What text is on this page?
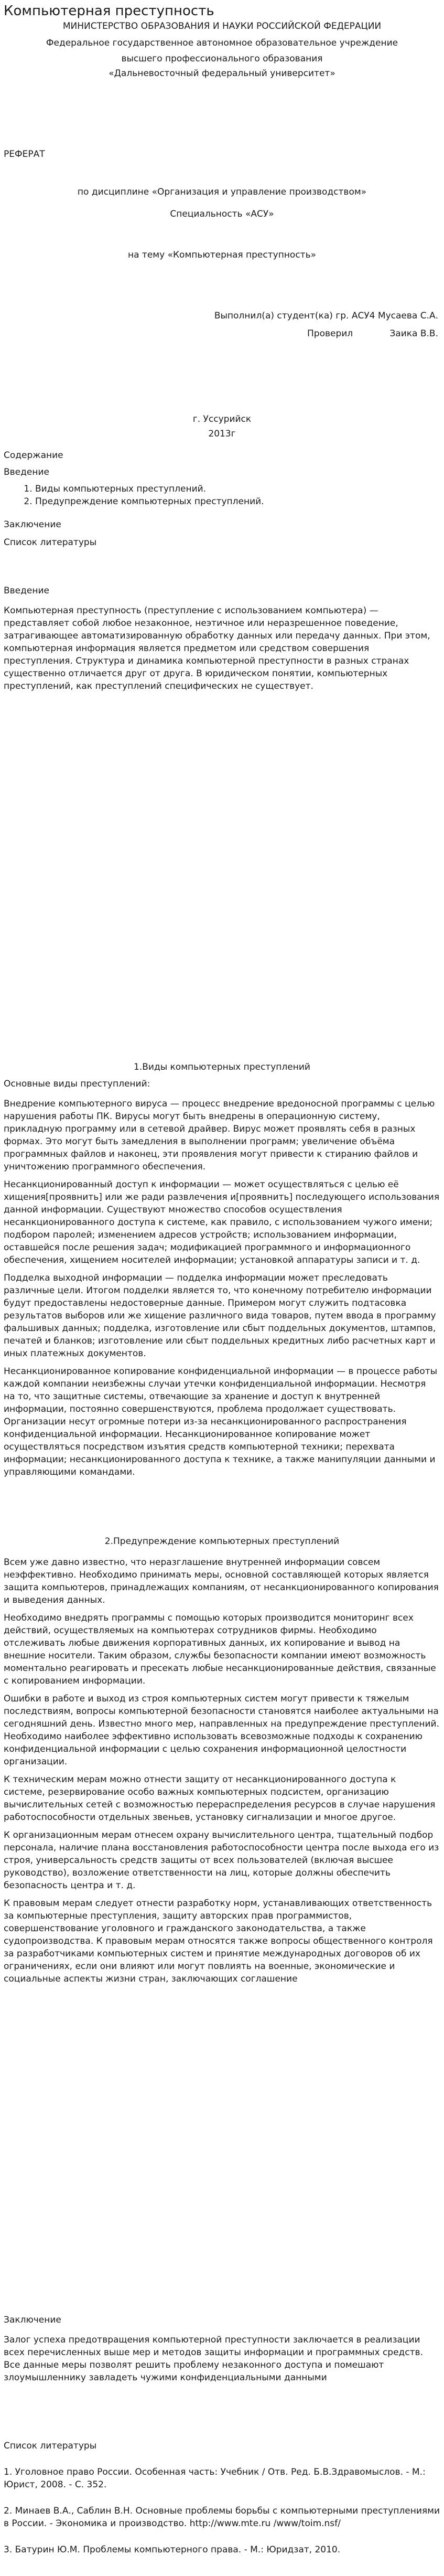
Компьютерная преступность

МИНИСТЕРСТВО ОБРАЗОВАНИЯ И НАУКИ РОССИЙСКОЙ ФЕДЕРАЦИИ

Федеральное государственное автономное образовательное учреждение

высшего профессионального образования

«Дальневосточный федеральный университет»

РЕФЕРАТ

по дисциплине «Организация и управление производством»

Специальность «АСУ»

на тему «Компьютерная преступность»

Выполнил(а) студент(ка) гр. АСУ4 Мусаева С.А.

Проверил             Заика В.В.

г. Уссурийск

2013г

Содержание

Введение

1. Виды компьютерных преступлений.
2. Предупреждение компьютерных преступлений.

Заключение

Список литературы

Введение

Компьютерная преступность (преступление с использованием компьютера) — представляет собой любое незаконное, неэтичное или неразрешенное поведение, затрагивающее автоматизированную обработку данных или передачу данных. При этом, компьютерная информация является предметом или средством совершения преступления. Структура и динамика компьютерной преступности в разных странах существенно отличается друг от друга. В юридическом понятии, компьютерных преступлений, как преступлений специфических не существует.

1.Виды компьютерных преступлений

Основные виды преступлений:

Внедрение компьютерного вируса — процесс внедрение вредоносной программы с целью нарушения работы ПК. Вирусы могут быть внедрены в операционную систему, прикладную программу или в сетевой драйвер. Вирус может проявлять себя в разных формах. Это могут быть замедления в выполнении программ; увеличение объёма программных файлов и наконец, эти проявления могут привести к стиранию файлов и уничтожению программного обеспечения.

Несанкционированный доступ к информации — может осуществляться с целью её хищения[проявнить] или же ради развлечения и[проявнить] последующего использования данной информации. Существуют множество способов осуществления несанкционированного доступа к системе, как правило, с использованием чужого имени; подбором паролей; изменением адресов устройств; использованием информации, оставшейся после решения задач; модификацией программного и информационного обеспечения, хищением носителей информации; установкой аппаратуры записи и т. д.

Подделка выходной информации — подделка информации может преследовать различные цели. Итогом подделки является то, что конечному потребителю информации будут предоставлены недостоверные данные. Примером могут служить подтасовка результатов выборов или же хищение различного вида товаров, путем ввода в программу фальшивых данных; подделка, изготовление или сбыт поддельных документов, штампов, печатей и бланков; изготовление или сбыт поддельных кредитных либо расчетных карт и иных платежных документов.

Несанкционированное копирование конфиденциальной информации — в процессе работы каждой компании неизбежны случаи утечки конфиденциальной информации. Несмотря на то, что защитные системы, отвечающие за хранение и доступ к внутренней информации, постоянно совершенствуются, проблема продолжает существовать. Организации несут огромные потери из-за несанкционированного распространения конфиденциальной информации. Несанкционированное копирование может осуществляться посредством изъятия средств компьютерной техники; перехвата информации; несанкционированного доступа к технике, а также манипуляции данными и управляющими командами.

2.Предупреждение компьютерных преступлений

Всем уже давно известно, что неразглашение внутренней информации совсем неэффективно. Необходимо принимать меры, основной составляющей которых является защита компьютеров, принадлежащих компаниям, от несанкционированного копирования и выведения данных.

Необходимо внедрять программы с помощью которых производится мониторинг всех действий, осуществляемых на компьютерах сотрудников фирмы. Необходимо отслеживать любые движения корпоративных данных, их копирование и вывод на внешние носители. Таким образом, службы безопасности компании имеют возможность моментально реагировать и пресекать любые несанкционированные действия, связанные с копированием информации.

Ошибки в работе и выход из строя компьютерных систем могут привести к тяжелым последствиям, вопросы компьютерной безопасности становятся наиболее актуальными на сегодняшний день. Известно много мер, направленных на предупреждение преступлений. Необходимо наиболее эффективно использовать всевозможные подходы к сохранению конфиденциальной информации с целью сохранения информационной целостности организации.

К техническим мерам можно отнести защиту от несанкционированного доступа к системе, резервирование особо важных компьютерных подсистем, организацию вычислительных сетей с возможностью перераспределения ресурсов в случае нарушения работоспособности отдельных звеньев, установку сигнализации и многое другое.

К организационным мерам отнесем охрану вычислительного центра, тщательный подбор персонала, наличие плана восстановления работоспособности центра после выхода его из строя, универсальность средств защиты от всех пользователей (включая высшее руководство), возложение ответственности на лиц, которые должны обеспечить безопасность центра и т. д.

К правовым мерам следует отнести разработку норм, устанавливающих ответственность за компьютерные преступления, защиту авторских прав программистов, совершенствование уголовного и гражданского законодательства, а также судопроизводства. К правовым мерам относятся также вопросы общественного контроля за разработчиками компьютерных систем и принятие международных договоров об их ограничениях, если они влияют или могут повлиять на военные, экономические и социальные аспекты жизни стран, заключающих соглашение

Заключение

Залог успеха предотвращения компьютерной преступности заключается в реализации всех перечисленных выше мер и методов защиты информации и программных средств. Все данные меры позволят решить проблему незаконного доступа и помешают злоумышленнику завладеть чужими конфиденциальными данными

Список литературы

1. Уголовное право России. Особенная часть: Учебник / Отв. Ред. Б.В.Здравомыслов. - М.: Юрист, 2008. - С. 352.
2. Минаев В.А., Саблин В.Н. Основные проблемы борьбы с компьютерными преступлениями в России. - Экономика и производство. http://www.mte.ru /www/toim.nsf/
3. Батурин Ю.М. Проблемы компьютерного права. - М.: Юридзат, 2010.
